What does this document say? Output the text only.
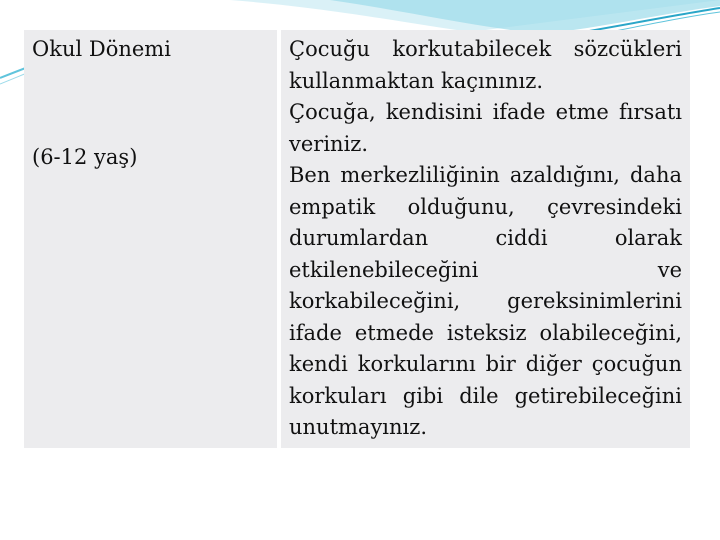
Okul Dönemi

(6-12 yaş)

Çocuğu korkutabilecek sözcükleri kullanmaktan kaçınınız.

Çocuğa, kendisini ifade etme fırsatı veriniz.

Ben merkezliliğinin azaldığını, daha empatik olduğunu, çevresindeki durumlardan ciddi olarak etkilenebileceğini ve korkabileceğini, gereksinimlerini ifade etmede isteksiz olabileceğini, kendi korkularını bir diğer çocuğun korkuları gibi dile getirebileceğini unutmayınız.
